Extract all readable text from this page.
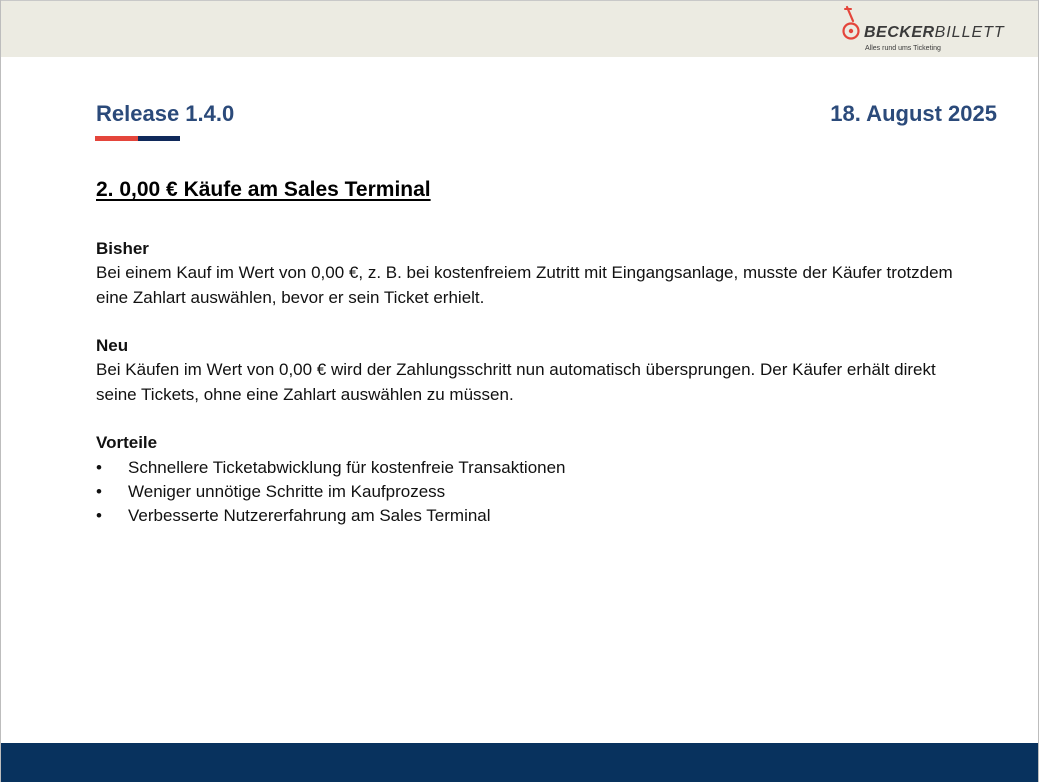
BECKERBILLETT
Alles rund ums Ticketing
Release 1.4.0	18. August 2025
2. 0,00 € Käufe am Sales Terminal
Bisher
Bei einem Kauf im Wert von 0,00 €, z. B. bei kostenfreiem Zutritt mit Eingangsanlage, musste der Käufer trotzdem eine Zahlart auswählen, bevor er sein Ticket erhielt.
Neu
Bei Käufen im Wert von 0,00 € wird der Zahlungsschritt nun automatisch übersprungen. Der Käufer erhält direkt seine Tickets, ohne eine Zahlart auswählen zu müssen.
Vorteile
• Schnellere Ticketabwicklung für kostenfreie Transaktionen
• Weniger unnötige Schritte im Kaufprozess
• Verbesserte Nutzererfahrung am Sales Terminal
